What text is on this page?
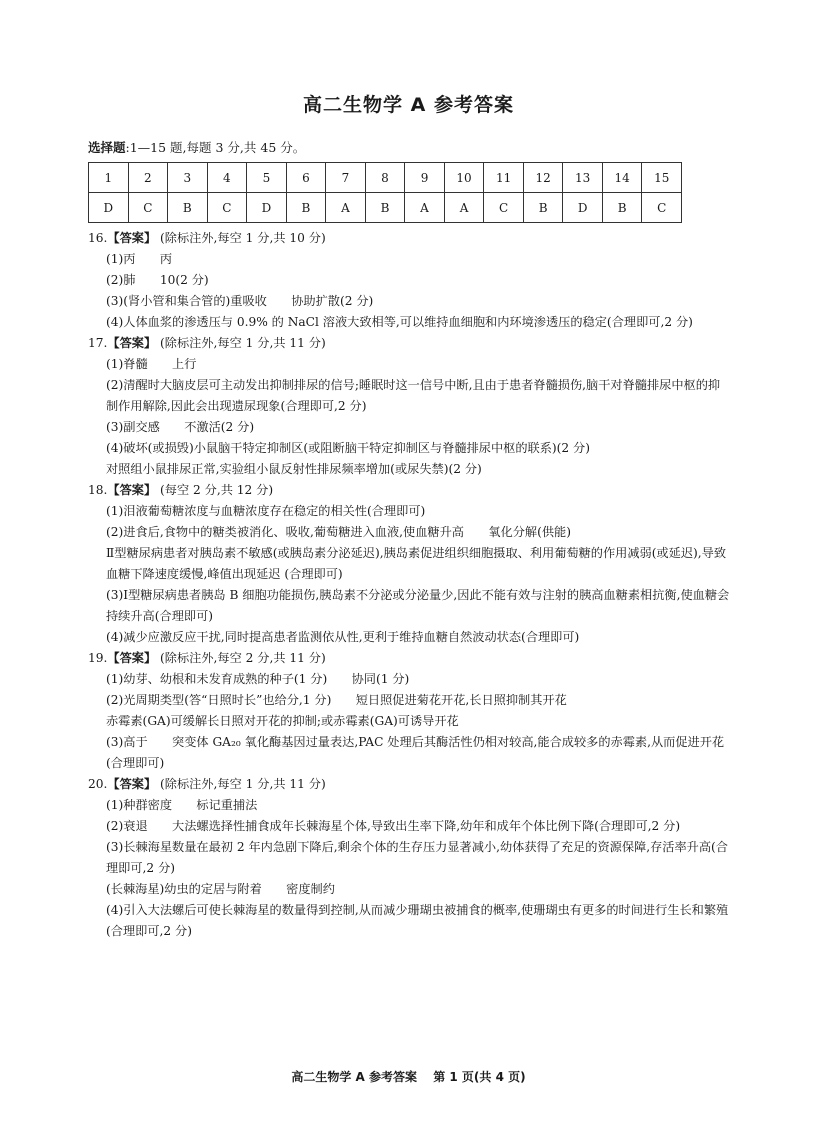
高二生物学 A 参考答案
选择题:1—15 题,每题 3 分,共 45 分。
1	2	3	4	5	6	7	8	9	10	11	12	13	14	15
D	C	B	C	D	B	A	B	A	A	C	B	D	B	C

16.【答案】 (除标注外,每空 1 分,共 10 分)

(1)丙　　丙

(2)肺　　10(2 分)

(3)(肾小管和集合管的)重吸收　　协助扩散(2 分)

(4)人体血浆的渗透压与 0.9% 的 NaCl 溶液大致相等,可以维持血细胞和内环境渗透压的稳定(合理即可,2 分)

17.【答案】 (除标注外,每空 1 分,共 11 分)

(1)脊髓　　上行

(2)清醒时大脑皮层可主动发出抑制排尿的信号;睡眠时这一信号中断,且由于患者脊髓损伤,脑干对脊髓排尿中枢的抑制作用解除,因此会出现遗尿现象(合理即可,2 分)

(3)副交感　　不激活(2 分)

(4)破坏(或损毁)小鼠脑干特定抑制区(或阻断脑干特定抑制区与脊髓排尿中枢的联系)(2 分)

对照组小鼠排尿正常,实验组小鼠反射性排尿频率增加(或尿失禁)(2 分)

18.【答案】 (每空 2 分,共 12 分)

(1)泪液葡萄糖浓度与血糖浓度存在稳定的相关性(合理即可)

(2)进食后,食物中的糖类被消化、吸收,葡萄糖进入血液,使血糖升高　　氧化分解(供能)

Ⅱ型糖尿病患者对胰岛素不敏感(或胰岛素分泌延迟),胰岛素促进组织细胞摄取、利用葡萄糖的作用减弱(或延迟),导致血糖下降速度缓慢,峰值出现延迟 (合理即可)

(3)Ⅰ型糖尿病患者胰岛 B 细胞功能损伤,胰岛素不分泌或分泌量少,因此不能有效与注射的胰高血糖素相抗衡,使血糖会持续升高(合理即可)

(4)减少应激反应干扰,同时提高患者监测依从性,更利于维持血糖自然波动状态(合理即可)

19.【答案】 (除标注外,每空 2 分,共 11 分)

(1)幼芽、幼根和未发育成熟的种子(1 分)　　协同(1 分)

(2)光周期类型(答“日照时长”也给分,1 分)　　短日照促进菊花开花,长日照抑制其开花

赤霉素(GA)可缓解长日照对开花的抑制;或赤霉素(GA)可诱导开花

(3)高于　　突变体 GA₂₀ 氧化酶基因过量表达,PAC 处理后其酶活性仍相对较高,能合成较多的赤霉素,从而促进开花(合理即可)

20.【答案】 (除标注外,每空 1 分,共 11 分)

(1)种群密度　　标记重捕法

(2)衰退　　大法螺选择性捕食成年长棘海星个体,导致出生率下降,幼年和成年个体比例下降(合理即可,2 分)

(3)长棘海星数量在最初 2 年内急剧下降后,剩余个体的生存压力显著减小,幼体获得了充足的资源保障,存活率升高(合理即可,2 分)

(长棘海星)幼虫的定居与附着　　密度制约

(4)引入大法螺后可使长棘海星的数量得到控制,从而减少珊瑚虫被捕食的概率,使珊瑚虫有更多的时间进行生长和繁殖(合理即可,2 分)

高二生物学 A 参考答案 第 1 页(共 4 页)
